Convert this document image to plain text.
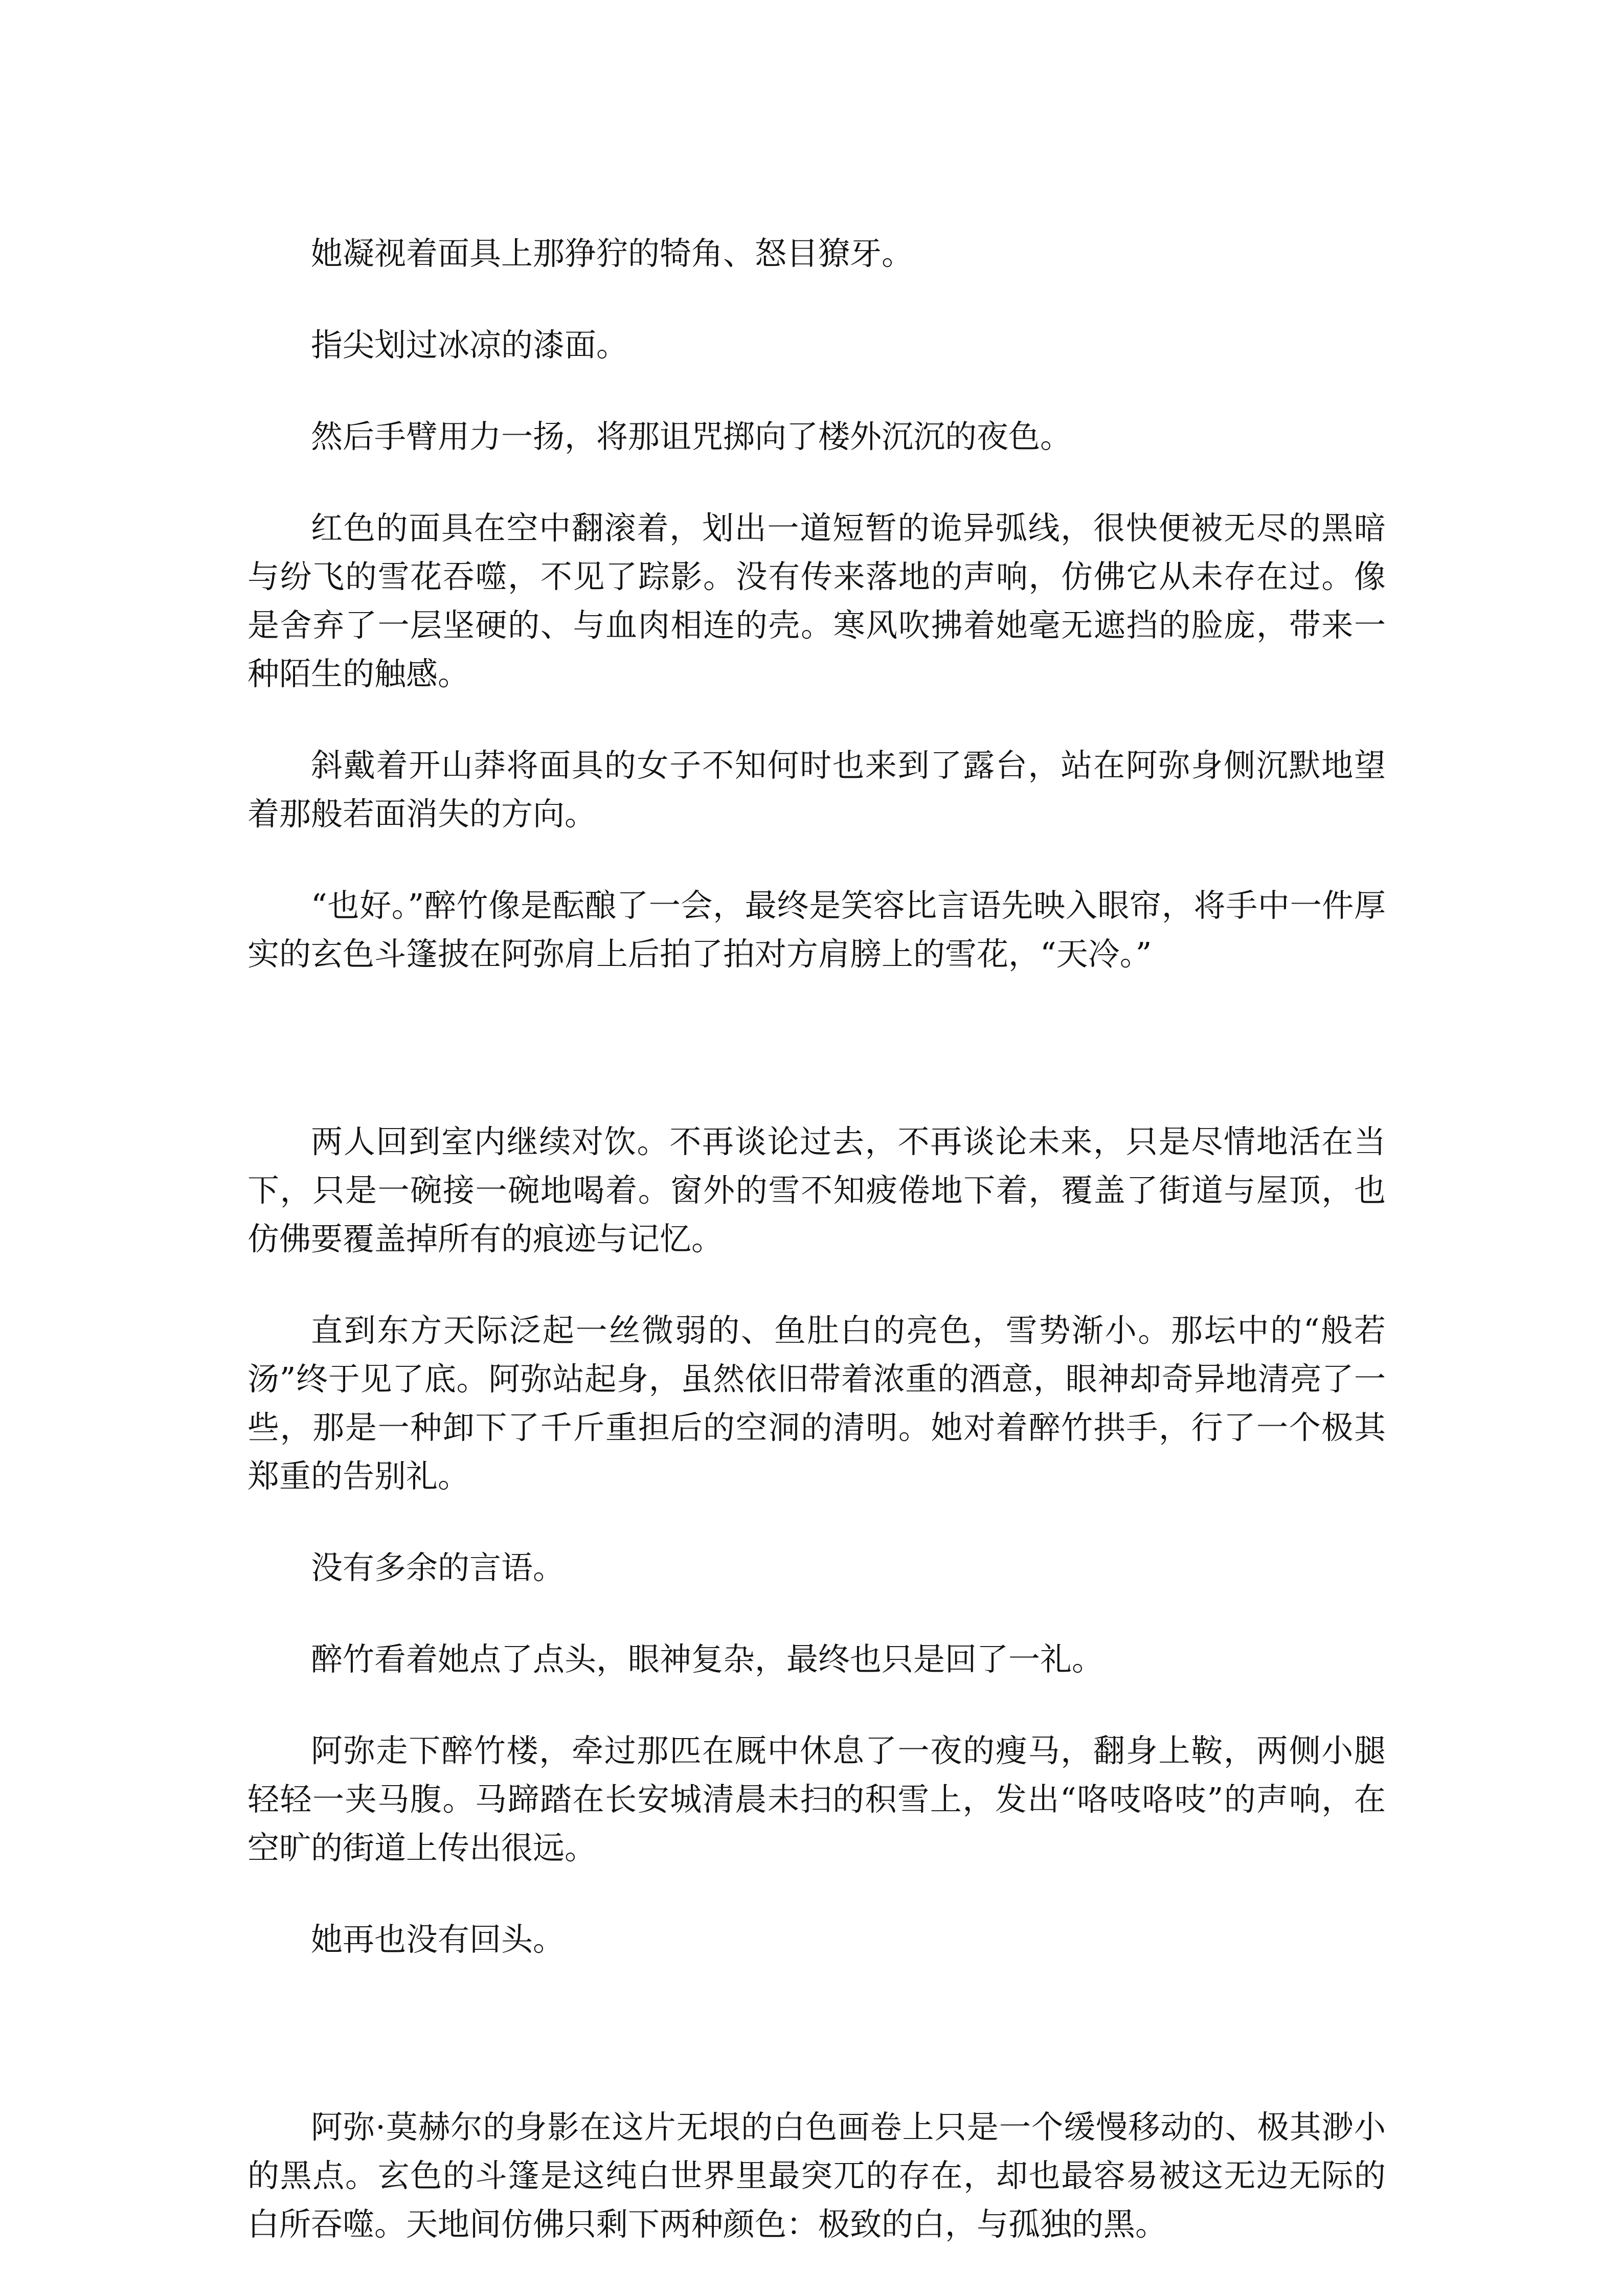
她凝视着面具上那狰狞的犄角、怒目獠牙。

指尖划过冰凉的漆面。

然后手臂用力一扬，将那诅咒掷向了楼外沉沉的夜色。

红色的面具在空中翻滚着，划出一道短暂的诡异弧线，很快便被无尽的黑暗与纷飞的雪花吞噬，不见了踪影。没有传来落地的声响，仿佛它从未存在过。像是舍弃了一层坚硬的、与血肉相连的壳。寒风吹拂着她毫无遮挡的脸庞，带来一种陌生的触感。

斜戴着开山莽将面具的女子不知何时也来到了露台，站在阿弥身侧沉默地望着那般若面消失的方向。

“也好。”醉竹像是酝酿了一会，最终是笑容比言语先映入眼帘，将手中一件厚实的玄色斗篷披在阿弥肩上后拍了拍对方肩膀上的雪花，“天冷。”

两人回到室内继续对饮。不再谈论过去，不再谈论未来，只是尽情地活在当下，只是一碗接一碗地喝着。窗外的雪不知疲倦地下着，覆盖了街道与屋顶，也仿佛要覆盖掉所有的痕迹与记忆。

直到东方天际泛起一丝微弱的、鱼肚白的亮色，雪势渐小。那坛中的“般若汤”终于见了底。阿弥站起身，虽然依旧带着浓重的酒意，眼神却奇异地清亮了一些，那是一种卸下了千斤重担后的空洞的清明。她对着醉竹拱手，行了一个极其郑重的告别礼。

没有多余的言语。

醉竹看着她点了点头，眼神复杂，最终也只是回了一礼。

阿弥走下醉竹楼，牵过那匹在厩中休息了一夜的瘦马，翻身上鞍，两侧小腿轻轻一夹马腹。马蹄踏在长安城清晨未扫的积雪上，发出“咯吱咯吱”的声响，在空旷的街道上传出很远。

她再也没有回头。

阿弥·莫赫尔的身影在这片无垠的白色画卷上只是一个缓慢移动的、极其渺小的黑点。玄色的斗篷是这纯白世界里最突兀的存在，却也最容易被这无边无际的白所吞噬。天地间仿佛只剩下两种颜色：极致的白，与孤独的黑。
